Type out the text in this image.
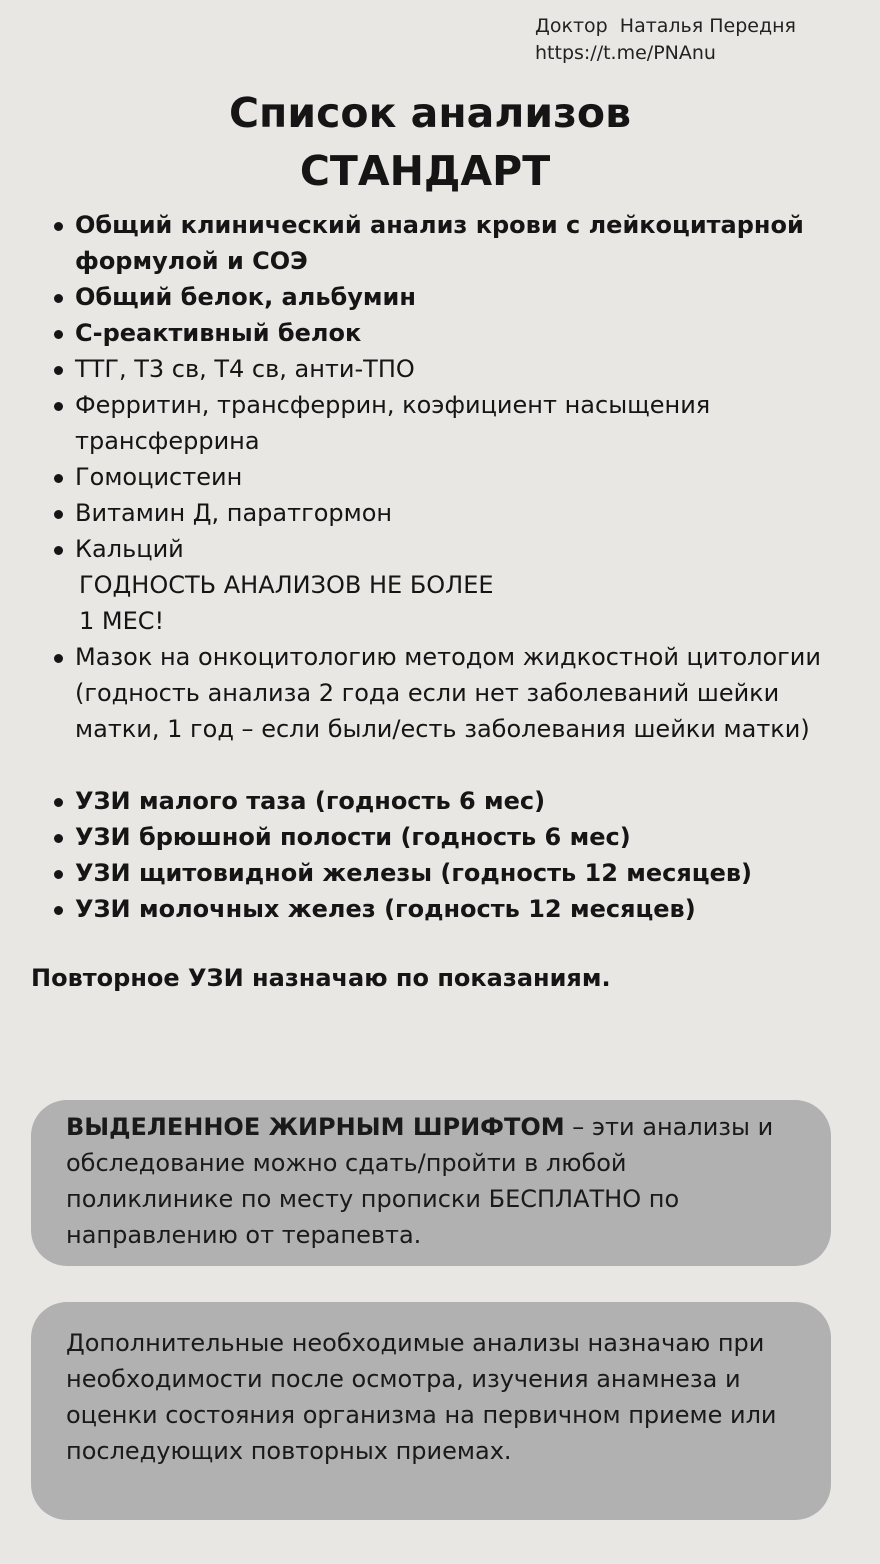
Доктор  Наталья Передня
https://t.me/PNAnu
Список анализов
СТАНДАРТ
Общий клинический анализ крови с лейкоцитарной формулой и СОЭ
Общий белок, альбумин
С-реактивный белок
ТТГ, Т3 св, Т4 св, анти-ТПО
Ферритин, трансферрин, коэфициент насыщения трансферрина
Гомоцистеин
Витамин Д, паратгормон
Кальций
ГОДНОСТЬ АНАЛИЗОВ НЕ БОЛЕЕ
1 МЕС!
Мазок на онкоцитологию методом жидкостной цитологии (годность анализа 2 года если нет заболеваний шейки матки, 1 год – если были/есть заболевания шейки матки)
УЗИ малого таза (годность 6 мес)
УЗИ брюшной полости (годность 6 мес)
УЗИ щитовидной железы (годность 12 месяцев)
УЗИ молочных желез (годность 12 месяцев)
Повторное УЗИ назначаю по показаниям.
ВЫДЕЛЕННОЕ ЖИРНЫМ ШРИФТОМ – эти анализы и обследование можно сдать/пройти в любой поликлинике по месту прописки БЕСПЛАТНО по направлению от терапевта.
Дополнительные необходимые анализы назначаю при необходимости после осмотра, изучения анамнеза и оценки состояния организма на первичном приеме или последующих повторных приемах.
